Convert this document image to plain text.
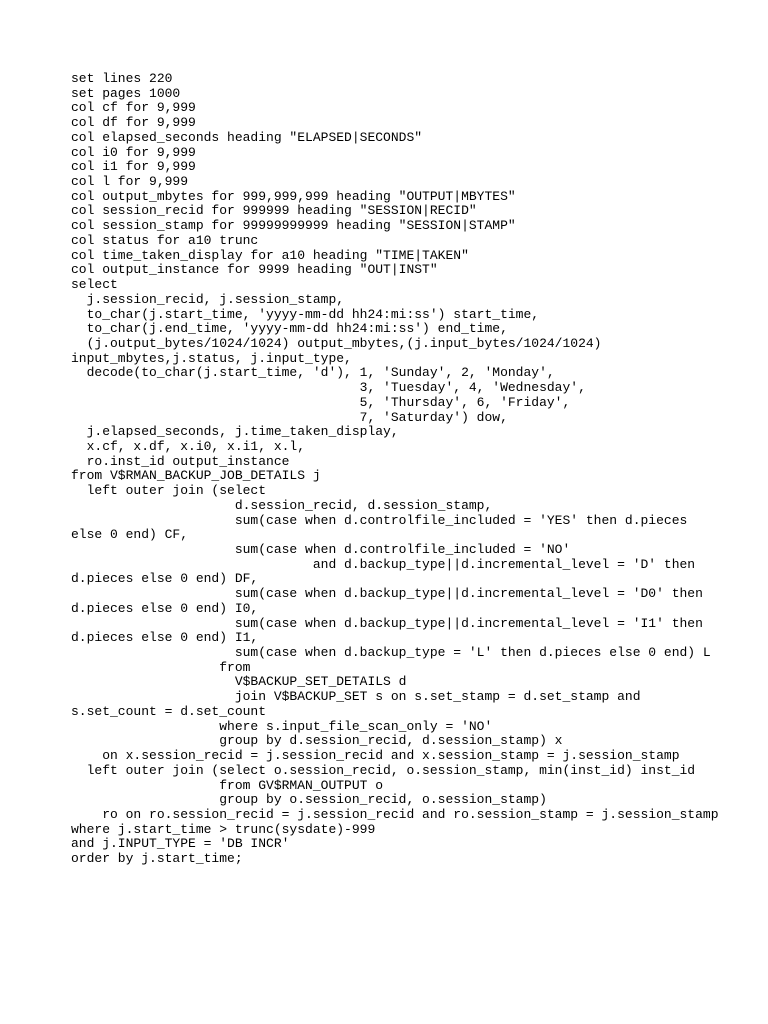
set lines 220
set pages 1000
col cf for 9,999
col df for 9,999
col elapsed_seconds heading "ELAPSED|SECONDS"
col i0 for 9,999
col i1 for 9,999
col l for 9,999
col output_mbytes for 999,999,999 heading "OUTPUT|MBYTES"
col session_recid for 999999 heading "SESSION|RECID"
col session_stamp for 99999999999 heading "SESSION|STAMP"
col status for a10 trunc
col time_taken_display for a10 heading "TIME|TAKEN"
col output_instance for 9999 heading "OUT|INST"
select
j.session_recid, j.session_stamp,
to_char(j.start_time, 'yyyy-mm-dd hh24:mi:ss') start_time,
to_char(j.end_time, 'yyyy-mm-dd hh24:mi:ss') end_time,
(j.output_bytes/1024/1024) output_mbytes,(j.input_bytes/1024/1024)
input_mbytes,j.status, j.input_type,
decode(to_char(j.start_time, 'd'), 1, 'Sunday', 2, 'Monday',
3, 'Tuesday', 4, 'Wednesday',
5, 'Thursday', 6, 'Friday',
7, 'Saturday') dow,
j.elapsed_seconds, j.time_taken_display,
x.cf, x.df, x.i0, x.i1, x.l,
ro.inst_id output_instance
from V$RMAN_BACKUP_JOB_DETAILS j
left outer join (select
d.session_recid, d.session_stamp,
sum(case when d.controlfile_included = 'YES' then d.pieces
else 0 end) CF,
sum(case when d.controlfile_included = 'NO'
and d.backup_type||d.incremental_level = 'D' then
d.pieces else 0 end) DF,
sum(case when d.backup_type||d.incremental_level = 'D0' then
d.pieces else 0 end) I0,
sum(case when d.backup_type||d.incremental_level = 'I1' then
d.pieces else 0 end) I1,
sum(case when d.backup_type = 'L' then d.pieces else 0 end) L
from
V$BACKUP_SET_DETAILS d
join V$BACKUP_SET s on s.set_stamp = d.set_stamp and
s.set_count = d.set_count
where s.input_file_scan_only = 'NO'
group by d.session_recid, d.session_stamp) x
on x.session_recid = j.session_recid and x.session_stamp = j.session_stamp
left outer join (select o.session_recid, o.session_stamp, min(inst_id) inst_id
from GV$RMAN_OUTPUT o
group by o.session_recid, o.session_stamp)
ro on ro.session_recid = j.session_recid and ro.session_stamp = j.session_stamp
where j.start_time > trunc(sysdate)-999
and j.INPUT_TYPE = 'DB INCR'
order by j.start_time;
